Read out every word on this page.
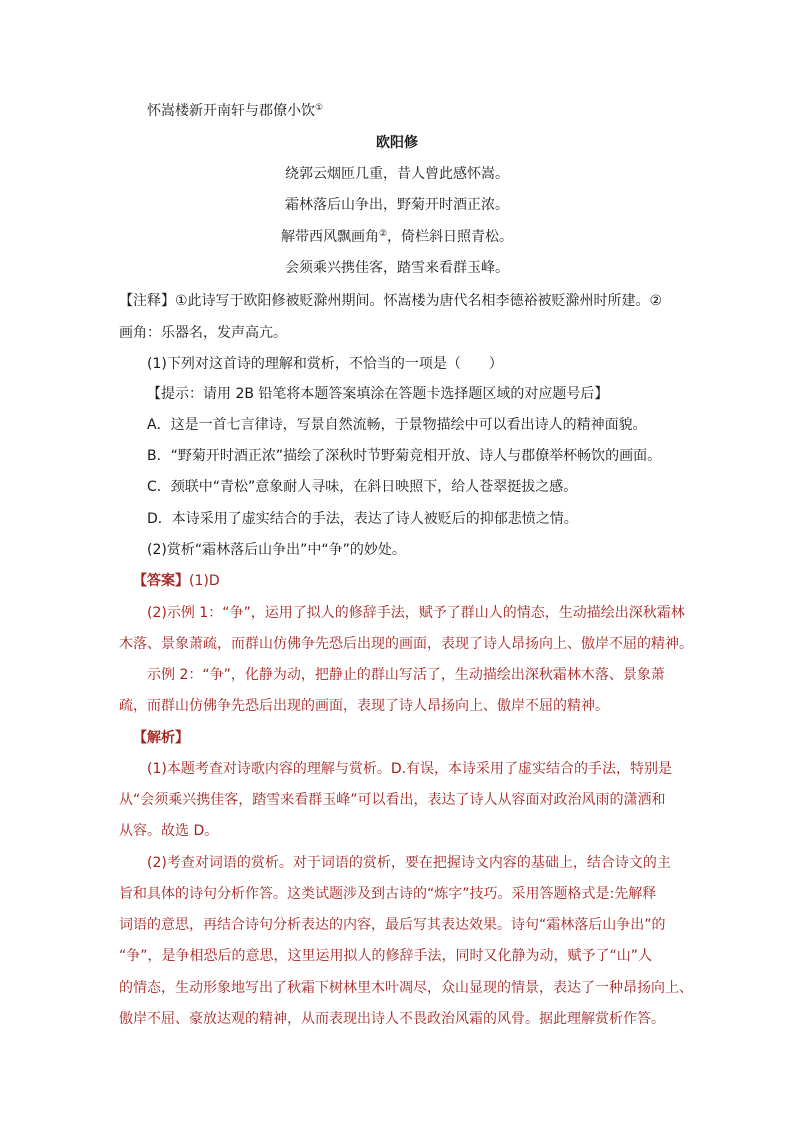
怀嵩楼新开南轩与郡僚小饮①
欧阳修
绕郭云烟匝几重，昔人曾此感怀嵩。
霜林落后山争出，野菊开时酒正浓。
解带西风飘画角②，倚栏斜日照青松。
会须乘兴携佳客，踏雪来看群玉峰。
【注释】①此诗写于欧阳修被贬滁州期间。怀嵩楼为唐代名相李德裕被贬滁州时所建。②
画角：乐器名，发声高亢。
(1)下列对这首诗的理解和赏析，不恰当的一项是（　　）
【提示：请用 2B 铅笔将本题答案填涂在答题卡选择题区域的对应题号后】
A．这是一首七言律诗，写景自然流畅，于景物描绘中可以看出诗人的精神面貌。
B．“野菊开时酒正浓”描绘了深秋时节野菊竞相开放、诗人与郡僚举杯畅饮的画面。
C．颈联中“青松”意象耐人寻味，在斜日映照下，给人苍翠挺拔之感。
D．本诗采用了虚实结合的手法，表达了诗人被贬后的抑郁悲愤之情。
(2)赏析“霜林落后山争出”中“争”的妙处。
【答案】(1)D
(2)示例 1：“争”，运用了拟人的修辞手法，赋予了群山人的情态，生动描绘出深秋霜林
木落、景象萧疏，而群山仿佛争先恐后出现的画面，表现了诗人昂扬向上、傲岸不屈的精神。
示例 2：“争”，化静为动，把静止的群山写活了，生动描绘出深秋霜林木落、景象萧
疏，而群山仿佛争先恐后出现的画面，表现了诗人昂扬向上、傲岸不屈的精神。
【解析】
(1)本题考查对诗歌内容的理解与赏析。D.有误，本诗采用了虚实结合的手法，特别是
从“会须乘兴携佳客，踏雪来看群玉峰”可以看出，表达了诗人从容面对政治风雨的潇洒和
从容。故选 D。
(2)考查对词语的赏析。对于词语的赏析，要在把握诗文内容的基础上，结合诗文的主
旨和具体的诗句分析作答。这类试题涉及到古诗的“炼字”技巧。采用答题格式是:先解释
词语的意思，再结合诗句分析表达的内容，最后写其表达效果。诗句“霜林落后山争出”的
“争”，是争相恐后的意思，这里运用拟人的修辞手法，同时又化静为动，赋予了“山”人
的情态，生动形象地写出了秋霜下树林里木叶凋尽，众山显现的情景，表达了一种昂扬向上、
傲岸不屈、豪放达观的精神，从而表现出诗人不畏政治风霜的风骨。据此理解赏析作答。
